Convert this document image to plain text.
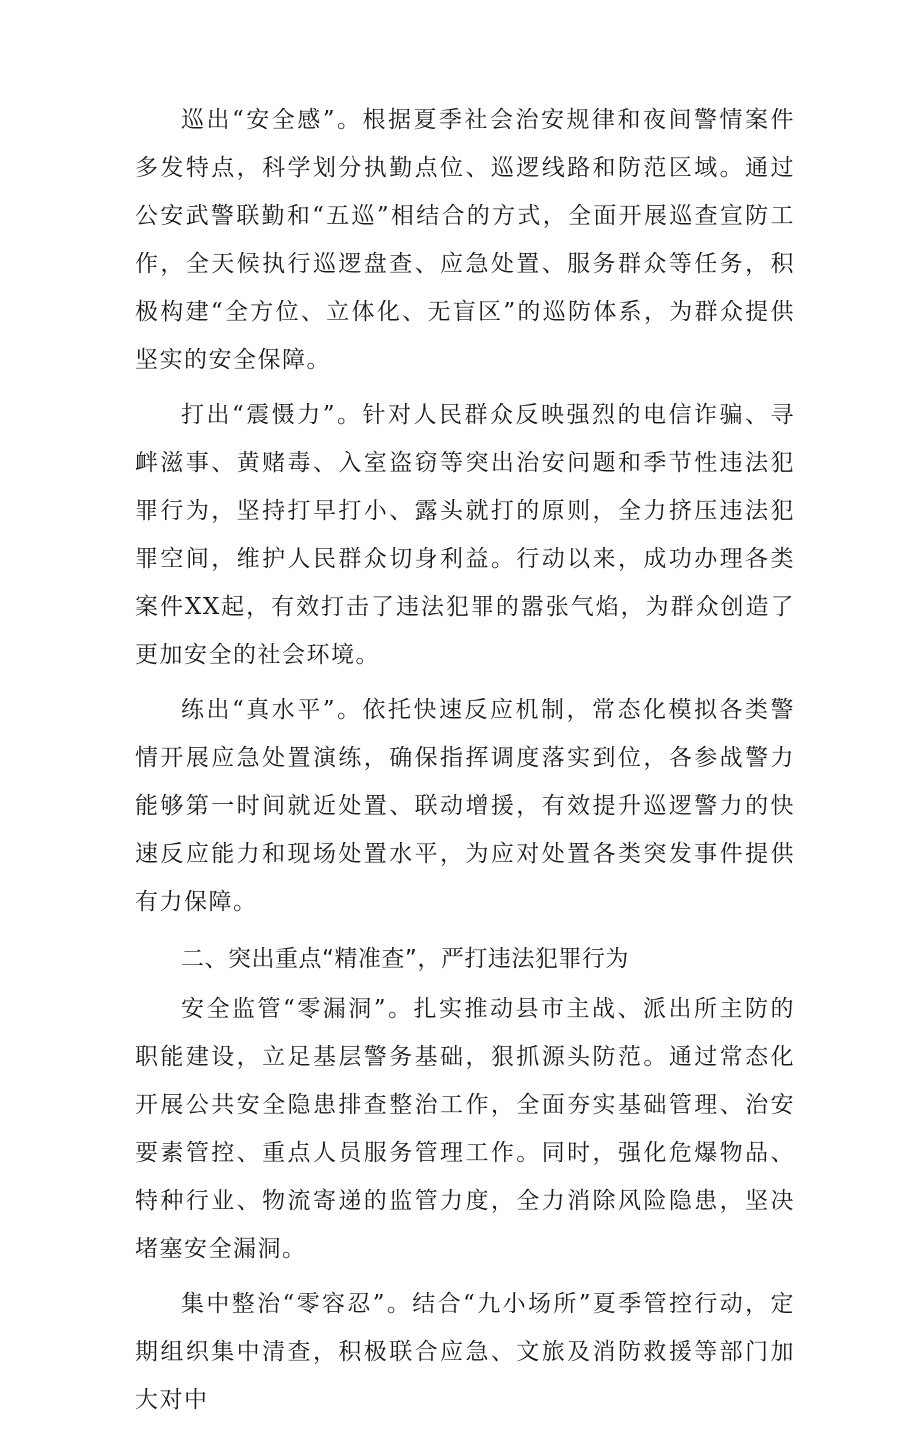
巡出“安全感”。根据夏季社会治安规律和夜间警情案件多发特点，科学划分执勤点位、巡逻线路和防范区域。通过公安武警联勤和“五巡”相结合的方式，全面开展巡查宣防工作，全天候执行巡逻盘查、应急处置、服务群众等任务，积极构建“全方位、立体化、无盲区”的巡防体系，为群众提供坚实的安全保障。

打出“震慑力”。针对人民群众反映强烈的电信诈骗、寻衅滋事、黄赌毒、入室盗窃等突出治安问题和季节性违法犯罪行为，坚持打早打小、露头就打的原则，全力挤压违法犯罪空间，维护人民群众切身利益。行动以来，成功办理各类案件XX起，有效打击了违法犯罪的嚣张气焰，为群众创造了更加安全的社会环境。

练出“真水平”。依托快速反应机制，常态化模拟各类警情开展应急处置演练，确保指挥调度落实到位，各参战警力能够第一时间就近处置、联动增援，有效提升巡逻警力的快速反应能力和现场处置水平，为应对处置各类突发事件提供有力保障。

二、突出重点“精准查”，严打违法犯罪行为

安全监管“零漏洞”。扎实推动县市主战、派出所主防的职能建设，立足基层警务基础，狠抓源头防范。通过常态化开展公共安全隐患排查整治工作，全面夯实基础管理、治安要素管控、重点人员服务管理工作。同时，强化危爆物品、特种行业、物流寄递的监管力度，全力消除风险隐患，坚决堵塞安全漏洞。

集中整治“零容忍”。结合“九小场所”夏季管控行动，定期组织集中清查，积极联合应急、文旅及消防救援等部门加大对中
